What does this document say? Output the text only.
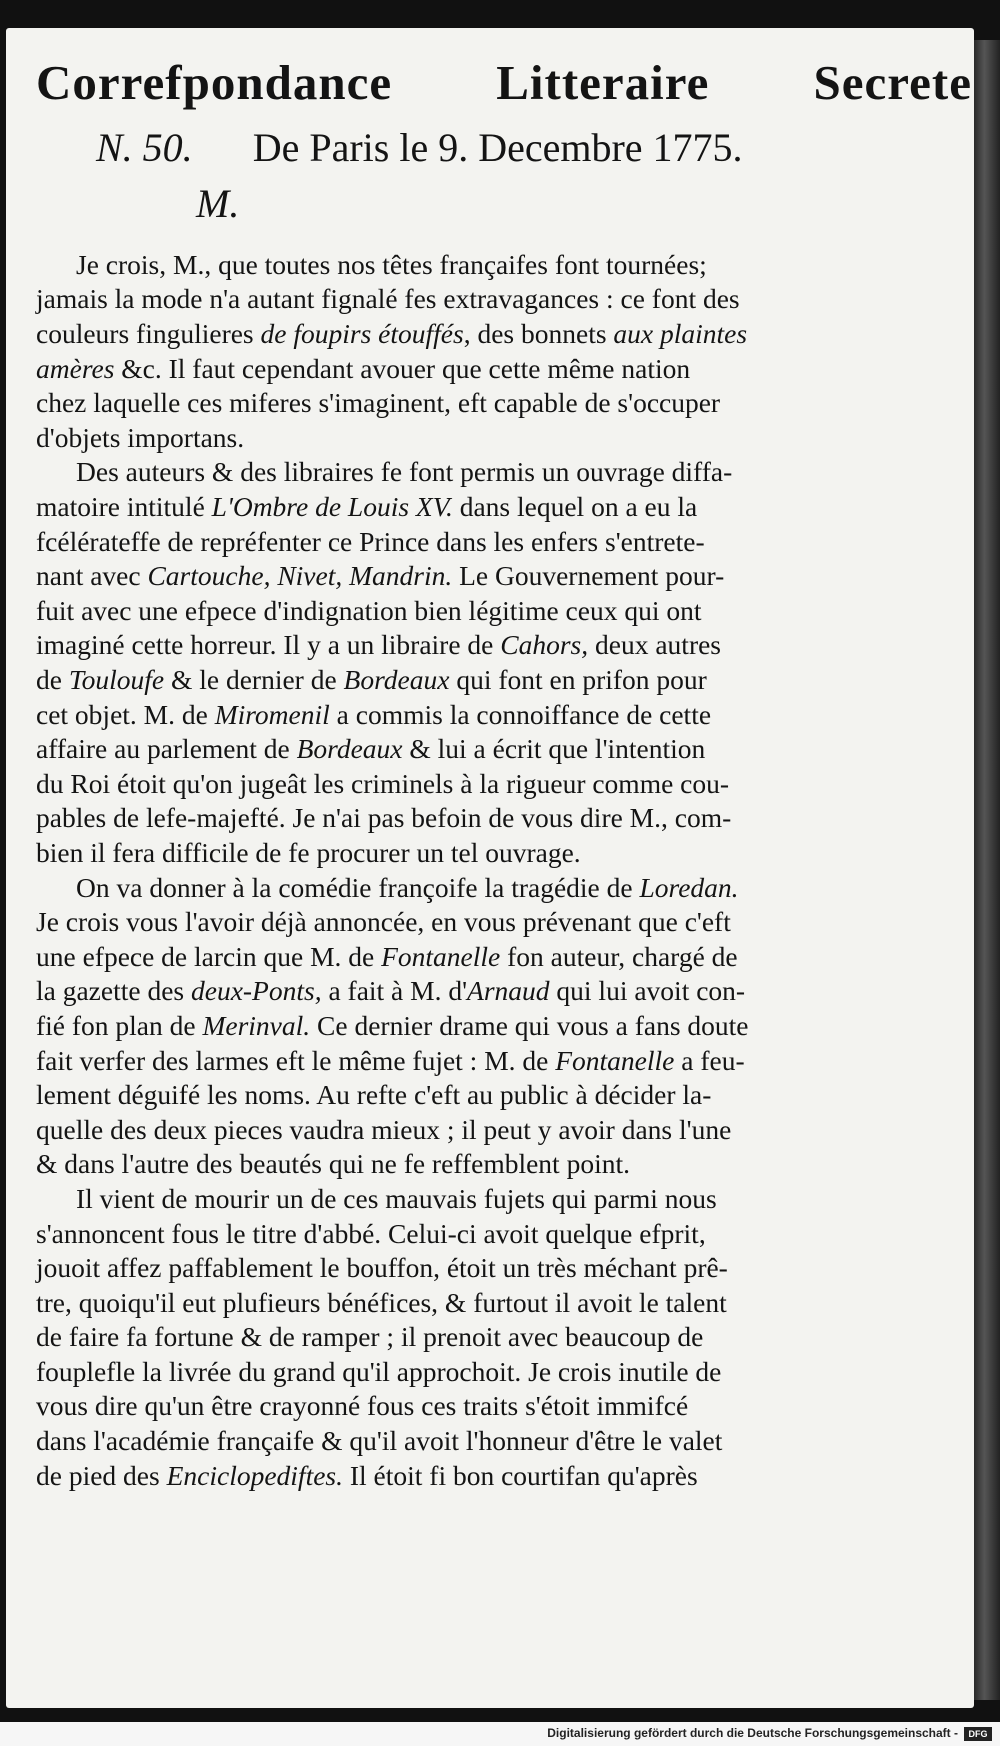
Correfpondance Litteraire Secrete
N. 50. De Paris le 9. Decembre 1775.
M.
Je crois, M., que toutes nos têtes françaifes font tournées;
jamais la mode n'a autant fignalé fes extravagances : ce font des
couleurs fingulieres de foupirs étouffés, des bonnets aux plaintes
amères &c. Il faut cependant avouer que cette même nation
chez laquelle ces miferes s'imaginent, eft capable de s'occuper
d'objets importans.
Des auteurs & des libraires fe font permis un ouvrage diffa-
matoire intitulé L'Ombre de Louis XV. dans lequel on a eu la
fcélérateffe de repréfenter ce Prince dans les enfers s'entrete-
nant avec Cartouche, Nivet, Mandrin. Le Gouvernement pour-
fuit avec une efpece d'indignation bien légitime ceux qui ont
imaginé cette horreur. Il y a un libraire de Cahors, deux autres
de Touloufe & le dernier de Bordeaux qui font en prifon pour
cet objet. M. de Miromenil a commis la connoiffance de cette
affaire au parlement de Bordeaux & lui a écrit que l'intention
du Roi étoit qu'on jugeât les criminels à la rigueur comme cou-
pables de lefe-majefté. Je n'ai pas befoin de vous dire M., com-
bien il fera difficile de fe procurer un tel ouvrage.
On va donner à la comédie françoife la tragédie de Loredan.
Je crois vous l'avoir déjà annoncée, en vous prévenant que c'eft
une efpece de larcin que M. de Fontanelle fon auteur, chargé de
la gazette des deux-Ponts, a fait à M. d'Arnaud qui lui avoit con-
fié fon plan de Merinval. Ce dernier drame qui vous a fans doute
fait verfer des larmes eft le même fujet : M. de Fontanelle a feu-
lement déguifé les noms. Au refte c'eft au public à décider la-
quelle des deux pieces vaudra mieux ; il peut y avoir dans l'une
& dans l'autre des beautés qui ne fe reffemblent point.
Il vient de mourir un de ces mauvais fujets qui parmi nous
s'annoncent fous le titre d'abbé. Celui-ci avoit quelque efprit,
jouoit affez paffablement le bouffon, étoit un très méchant prê-
tre, quoiqu'il eut plufieurs bénéfices, & furtout il avoit le talent
de faire fa fortune & de ramper ; il prenoit avec beaucoup de
fouplefle la livrée du grand qu'il approchoit. Je crois inutile de
vous dire qu'un être crayonné fous ces traits s'étoit immifcé
dans l'académie françaife & qu'il avoit l'honneur d'être le valet
de pied des Enciclopediftes. Il étoit fi bon courtifan qu'après
Digitalisierung gefördert durch die Deutsche Forschungsgemeinschaft -	DFG
